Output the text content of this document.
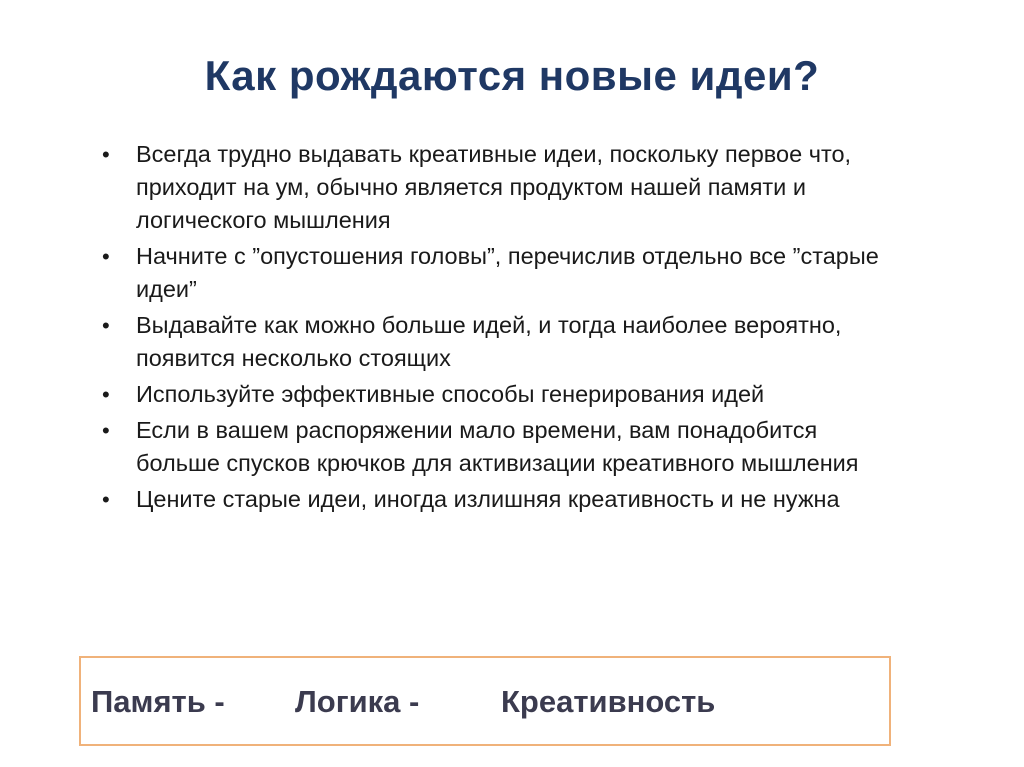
Как рождаются новые идеи?
• Всегда трудно выдавать креативные идеи, поскольку первое что, приходит на ум, обычно является продуктом нашей памяти и логического мышления
• Начните с ”опустошения головы”, перечислив отдельно все ”старые идеи”
• Выдавайте как можно больше идей, и тогда наиболее вероятно, появится несколько стоящих
• Используйте эффективные способы генерирования идей
• Если в вашем распоряжении мало времени, вам понадобится больше спусков крючков для активизации креативного мышления
• Цените старые идеи, иногда излишняя креативность и не нужна
Память - Логика -	Креативность
